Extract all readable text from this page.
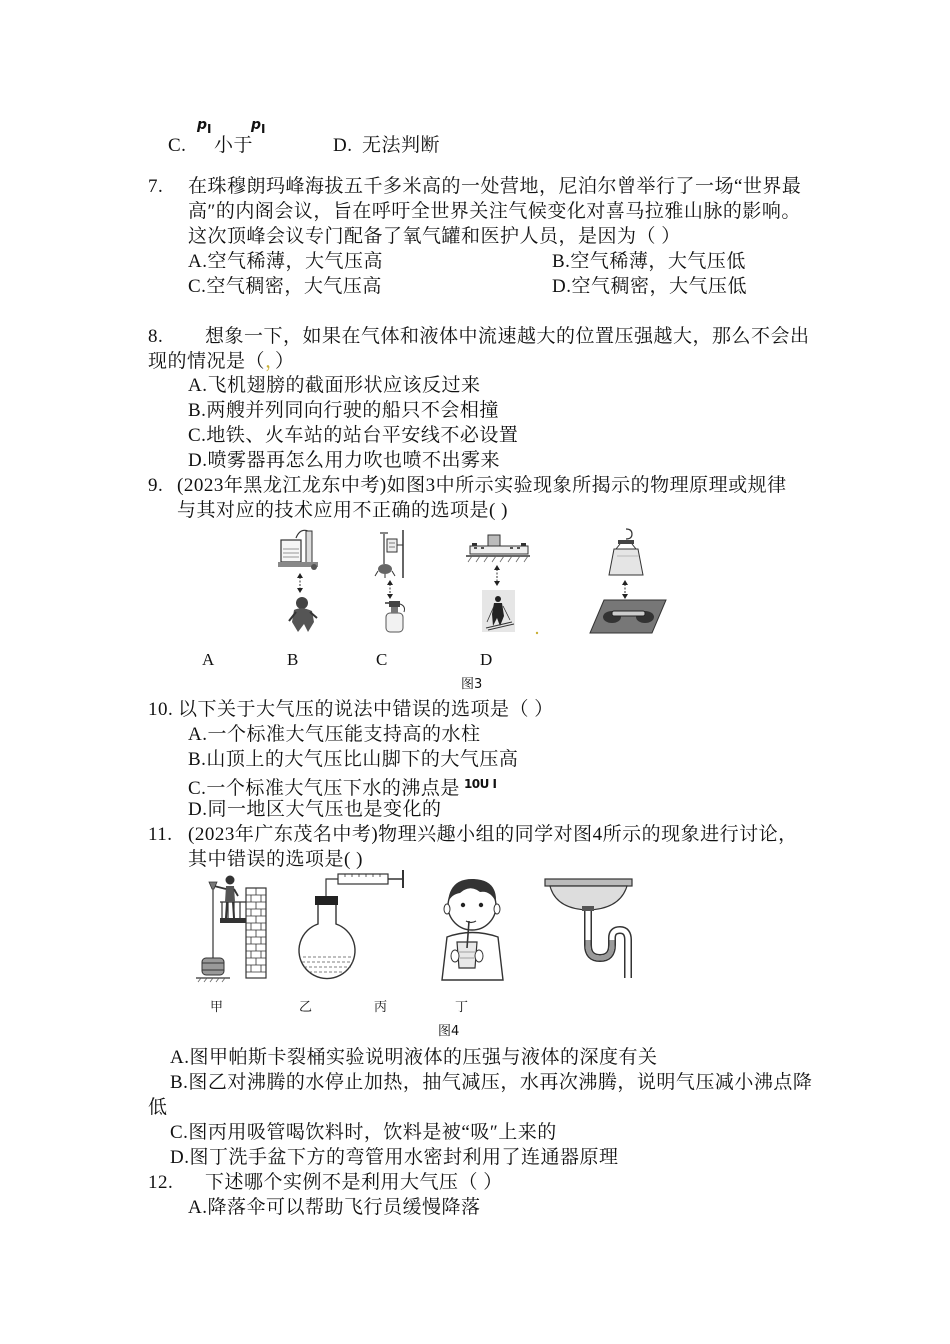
C.
p I
小于
p I
D. 无法判断
7. 在珠穆朗玛峰海拔五千多米高的一处营地，尼泊尔曾举行了一场“世界最
高″的内阁会议，旨在呼吁全世界关注气候变化对喜马拉雅山脉的影响。
这次顶峰会议专门配备了氧气罐和医护人员，是因为（ ）
A.空气稀薄，大气压高	B.空气稀薄，大气压低
C.空气稠密，大气压高	D.空气稠密，大气压低
8. 想象一下，如果在气体和液体中流速越大的位置压强越大，那么不会出
现的情况是（，）
A.飞机翅膀的截面形状应该反过来
B.两艘并列同向行驶的船只不会相撞
C.地铁、火车站的站台平安线不必设置
D.喷雾器再怎么用力吹也喷不出雾来
9. (2023年黑龙江龙东中考)如图3中所示实验现象所揭示的物理原理或规律
与其对应的技术应用不正确的选项是( )
A	B	C	D
图3
10. 以下关于大气压的说法中错误的选项是（ ）
A.一个标准大气压能支持高的水柱
B.山顶上的大气压比山脚下的大气压高
C.一个标准大气压下水的沸点是 10U I
D.同一地区大气压也是变化的
11. (2023年广东茂名中考)物理兴趣小组的同学对图4所示的现象进行讨论，
其中错误的选项是( )
甲	乙	丙	丁
图4
A.图甲帕斯卡裂桶实验说明液体的压强与液体的深度有关
B.图乙对沸腾的水停止加热，抽气减压，水再次沸腾，说明气压减小沸点降
低
C.图丙用吸管喝饮料时，饮料是被“吸″上来的
D.图丁洗手盆下方的弯管用水密封利用了连通器原理
12. 下述哪个实例不是利用大气压（ ）
A.降落伞可以帮助飞行员缓慢降落
